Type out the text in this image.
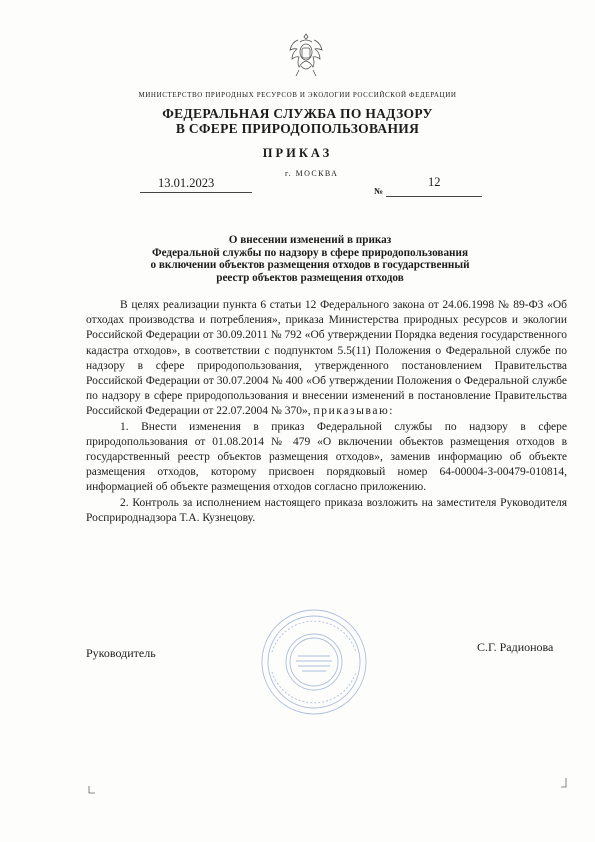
МИНИСТЕРСТВО ПРИРОДНЫХ РЕСУРСОВ И ЭКОЛОГИИ РОССИЙСКОЙ ФЕДЕРАЦИИ
ФЕДЕРАЛЬНАЯ СЛУЖБА ПО НАДЗОРУ
В СФЕРЕ ПРИРОДОПОЛЬЗОВАНИЯ
ПРИКАЗ
13.01.2023
г. МОСКВА
№
12
О внесении изменений в приказ
Федеральной службы по надзору в сфере природопользования
о включении объектов размещения отходов в государственный
реестр объектов размещения отходов

В целях реализации пункта 6 статьи 12 Федерального закона от 24.06.1998 № 89-ФЗ «Об отходах производства и потребления», приказа Министерства природных ресурсов и экологии Российской Федерации от 30.09.2011 № 792 «Об утверждении Порядка ведения государственного кадастра отходов», в соответствии с подпунктом 5.5(11) Положения о Федеральной службе по надзору в сфере природопользования, утвержденного постановлением Правительства Российской Федерации от 30.07.2004 № 400 «Об утверждении Положения о Федеральной службе по надзору в сфере природопользования и внесении изменений в постановление Правительства Российской Федерации от 22.07.2004 № 370», приказываю:

1. Внести изменения в приказ Федеральной службы по надзору в сфере природопользования от 01.08.2014 № 479 «О включении объектов размещения отходов в государственный реестр объектов размещения отходов», заменив информацию об объекте размещения отходов, которому присвоен порядковый номер 64-00004-З-00479-010814, информацией об объекте размещения отходов согласно приложению.

2. Контроль за исполнением настоящего приказа возложить на заместителя Руководителя Росприроднадзора Т.А. Кузнецову.

Руководитель	С.Г. Радионова
